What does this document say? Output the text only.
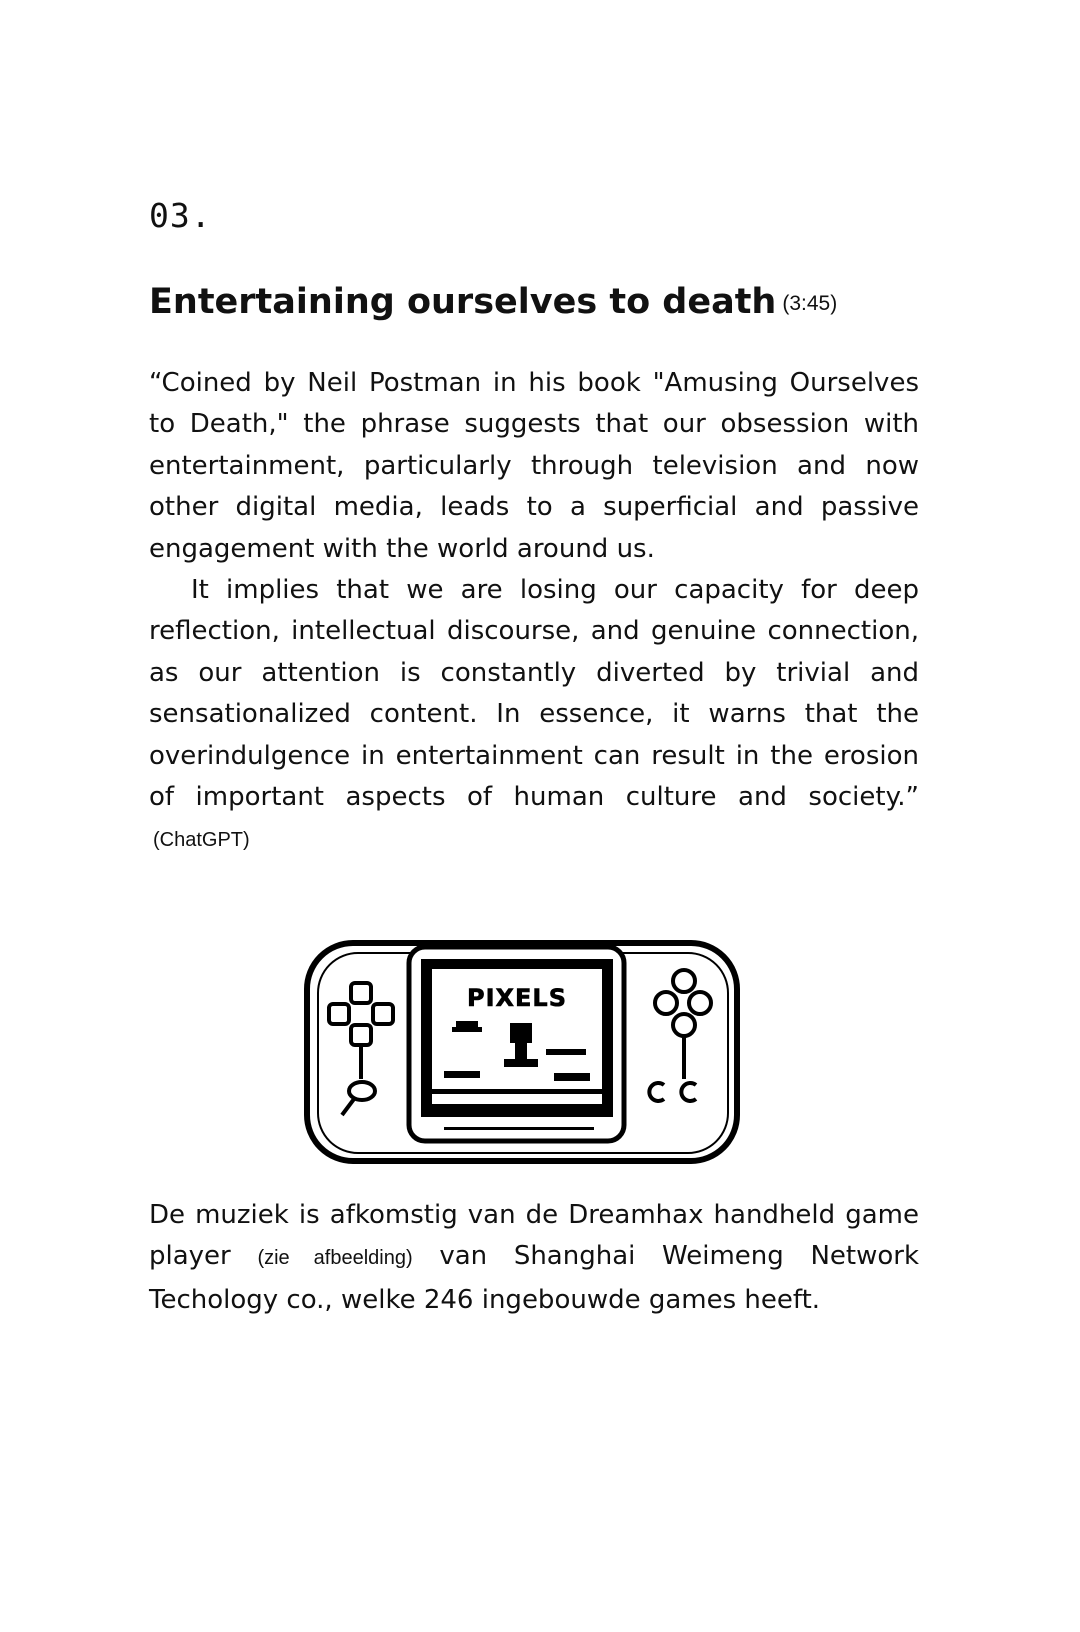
03.
Entertaining ourselves to death (3:45)

“Coined by Neil Postman in his book "Amusing Ourselves to Death," the phrase suggests that our obsession with entertainment, particularly through television and now other digital media, leads to a superficial and passive engagement with the world around us.

It implies that we are losing our capacity for deep reflection, intellectual discourse, and genuine connection, as our attention is constantly diverted by trivial and sensationalized content. In essence, it warns that the overindulgence in entertainment can result in the erosion of important aspects of human culture and society.” (ChatGPT)

PIXELS

De muziek is afkomstig van de Dreamhax handheld game player (zie afbeelding) van Shanghai Weimeng Network Techology co., welke 246 ingebouwde games heeft.
